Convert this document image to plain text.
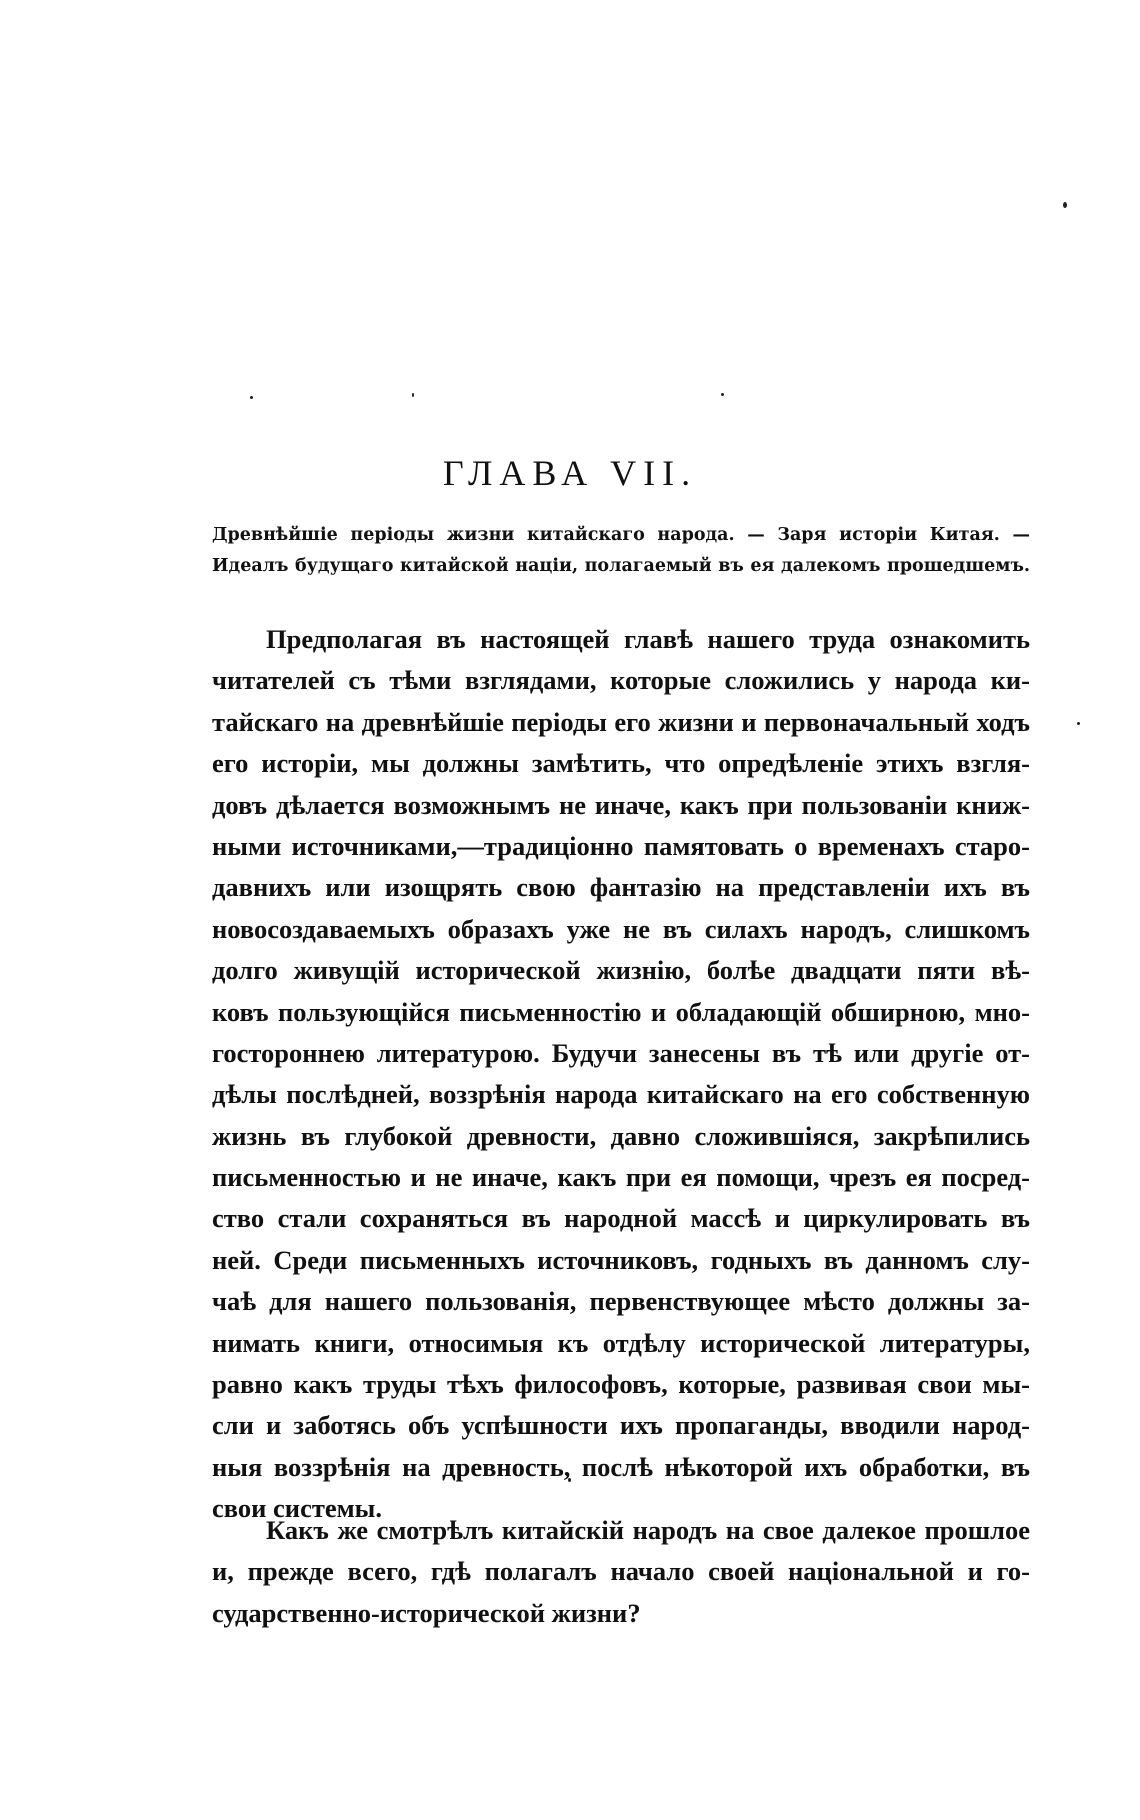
ГЛАВА VII.
Древнѣйшіе періоды жизни китайскаго народа. — Заря исторіи Китая. —
Идеалъ будущаго китайской націи, полагаемый въ ея далекомъ прошедшемъ.
Предполагая въ настоящей главѣ нашего труда ознакомить
читателей съ тѣми взглядами, которые сложились у народа ки-
тайскаго на древнѣйшіе періоды его жизни и первоначальный ходъ
его исторіи, мы должны замѣтить, что опредѣленіе этихъ взгля-
довъ дѣлается возможнымъ не иначе, какъ при пользованіи книж-
ными источниками,—традиціонно памятовать о временахъ старо-
давнихъ или изощрять свою фантазію на представленіи ихъ въ
новосоздаваемыхъ образахъ уже не въ силахъ народъ, слишкомъ
долго живущій исторической жизнію, болѣе двадцати пяти вѣ-
ковъ пользующійся письменностію и обладающій обширною, мно-
гостороннею литературою. Будучи занесены въ тѣ или другіе от-
дѣлы послѣдней, воззрѣнія народа китайскаго на его собственную
жизнь въ глубокой древности, давно сложившіяся, закрѣпились
письменностью и не иначе, какъ при ея помощи, чрезъ ея посред-
ство стали сохраняться въ народной массѣ и циркулировать въ
ней. Среди письменныхъ источниковъ, годныхъ въ данномъ слу-
чаѣ для нашего пользованія, первенствующее мѣсто должны за-
нимать книги, относимыя къ отдѣлу исторической литературы,
равно какъ труды тѣхъ философовъ, которые, развивая свои мы-
сли и заботясь объ успѣшности ихъ пропаганды, вводили народ-
ныя воззрѣнія на древность, послѣ нѣкоторой ихъ обработки, въ
свои системы.
Какъ же смотрѣлъ китайскій народъ на свое далекое прошлое
и, прежде всего, гдѣ полагалъ начало своей національной и го-
сударственно-исторической жизни?
